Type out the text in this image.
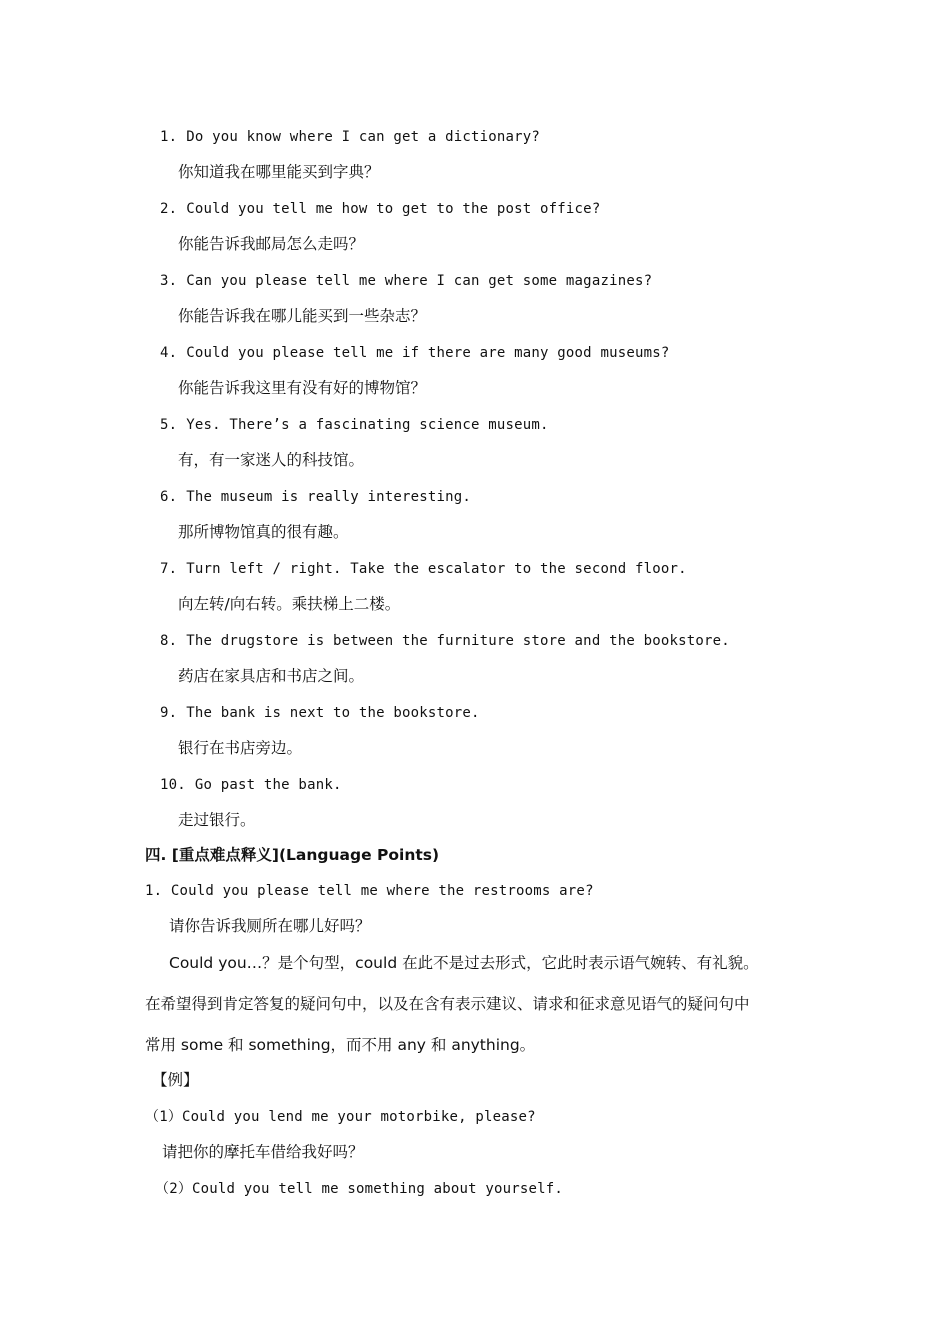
1. Do you know where I can get a dictionary?
你知道我在哪里能买到字典？
2. Could you tell me how to get to the post office?
你能告诉我邮局怎么走吗？
3. Can you please tell me where I can get some magazines?
你能告诉我在哪儿能买到一些杂志？
4. Could you please tell me if there are many good museums?
你能告诉我这里有没有好的博物馆？
5. Yes. There’s a fascinating science museum.
有，有一家迷人的科技馆。
6. The museum is really interesting.
那所博物馆真的很有趣。
7. Turn left / right. Take the escalator to the second floor.
向左转/向右转。乘扶梯上二楼。
8. The drugstore is between the furniture store and the bookstore.
药店在家具店和书店之间。
9. The bank is next to the bookstore.
银行在书店旁边。
10. Go past the bank.
走过银行。
四. [重点难点释义](Language Points)
1. Could you please tell me where the restrooms are?
请你告诉我厕所在哪儿好吗？
Could you…？是个句型，could 在此不是过去形式，它此时表示语气婉转、有礼貌。
在希望得到肯定答复的疑问句中，以及在含有表示建议、请求和征求意见语气的疑问句中
常用 some 和 something，而不用 any 和 anything。
【例】
（1）Could you lend me your motorbike, please?
请把你的摩托车借给我好吗？
（2）Could you tell me something about yourself.
